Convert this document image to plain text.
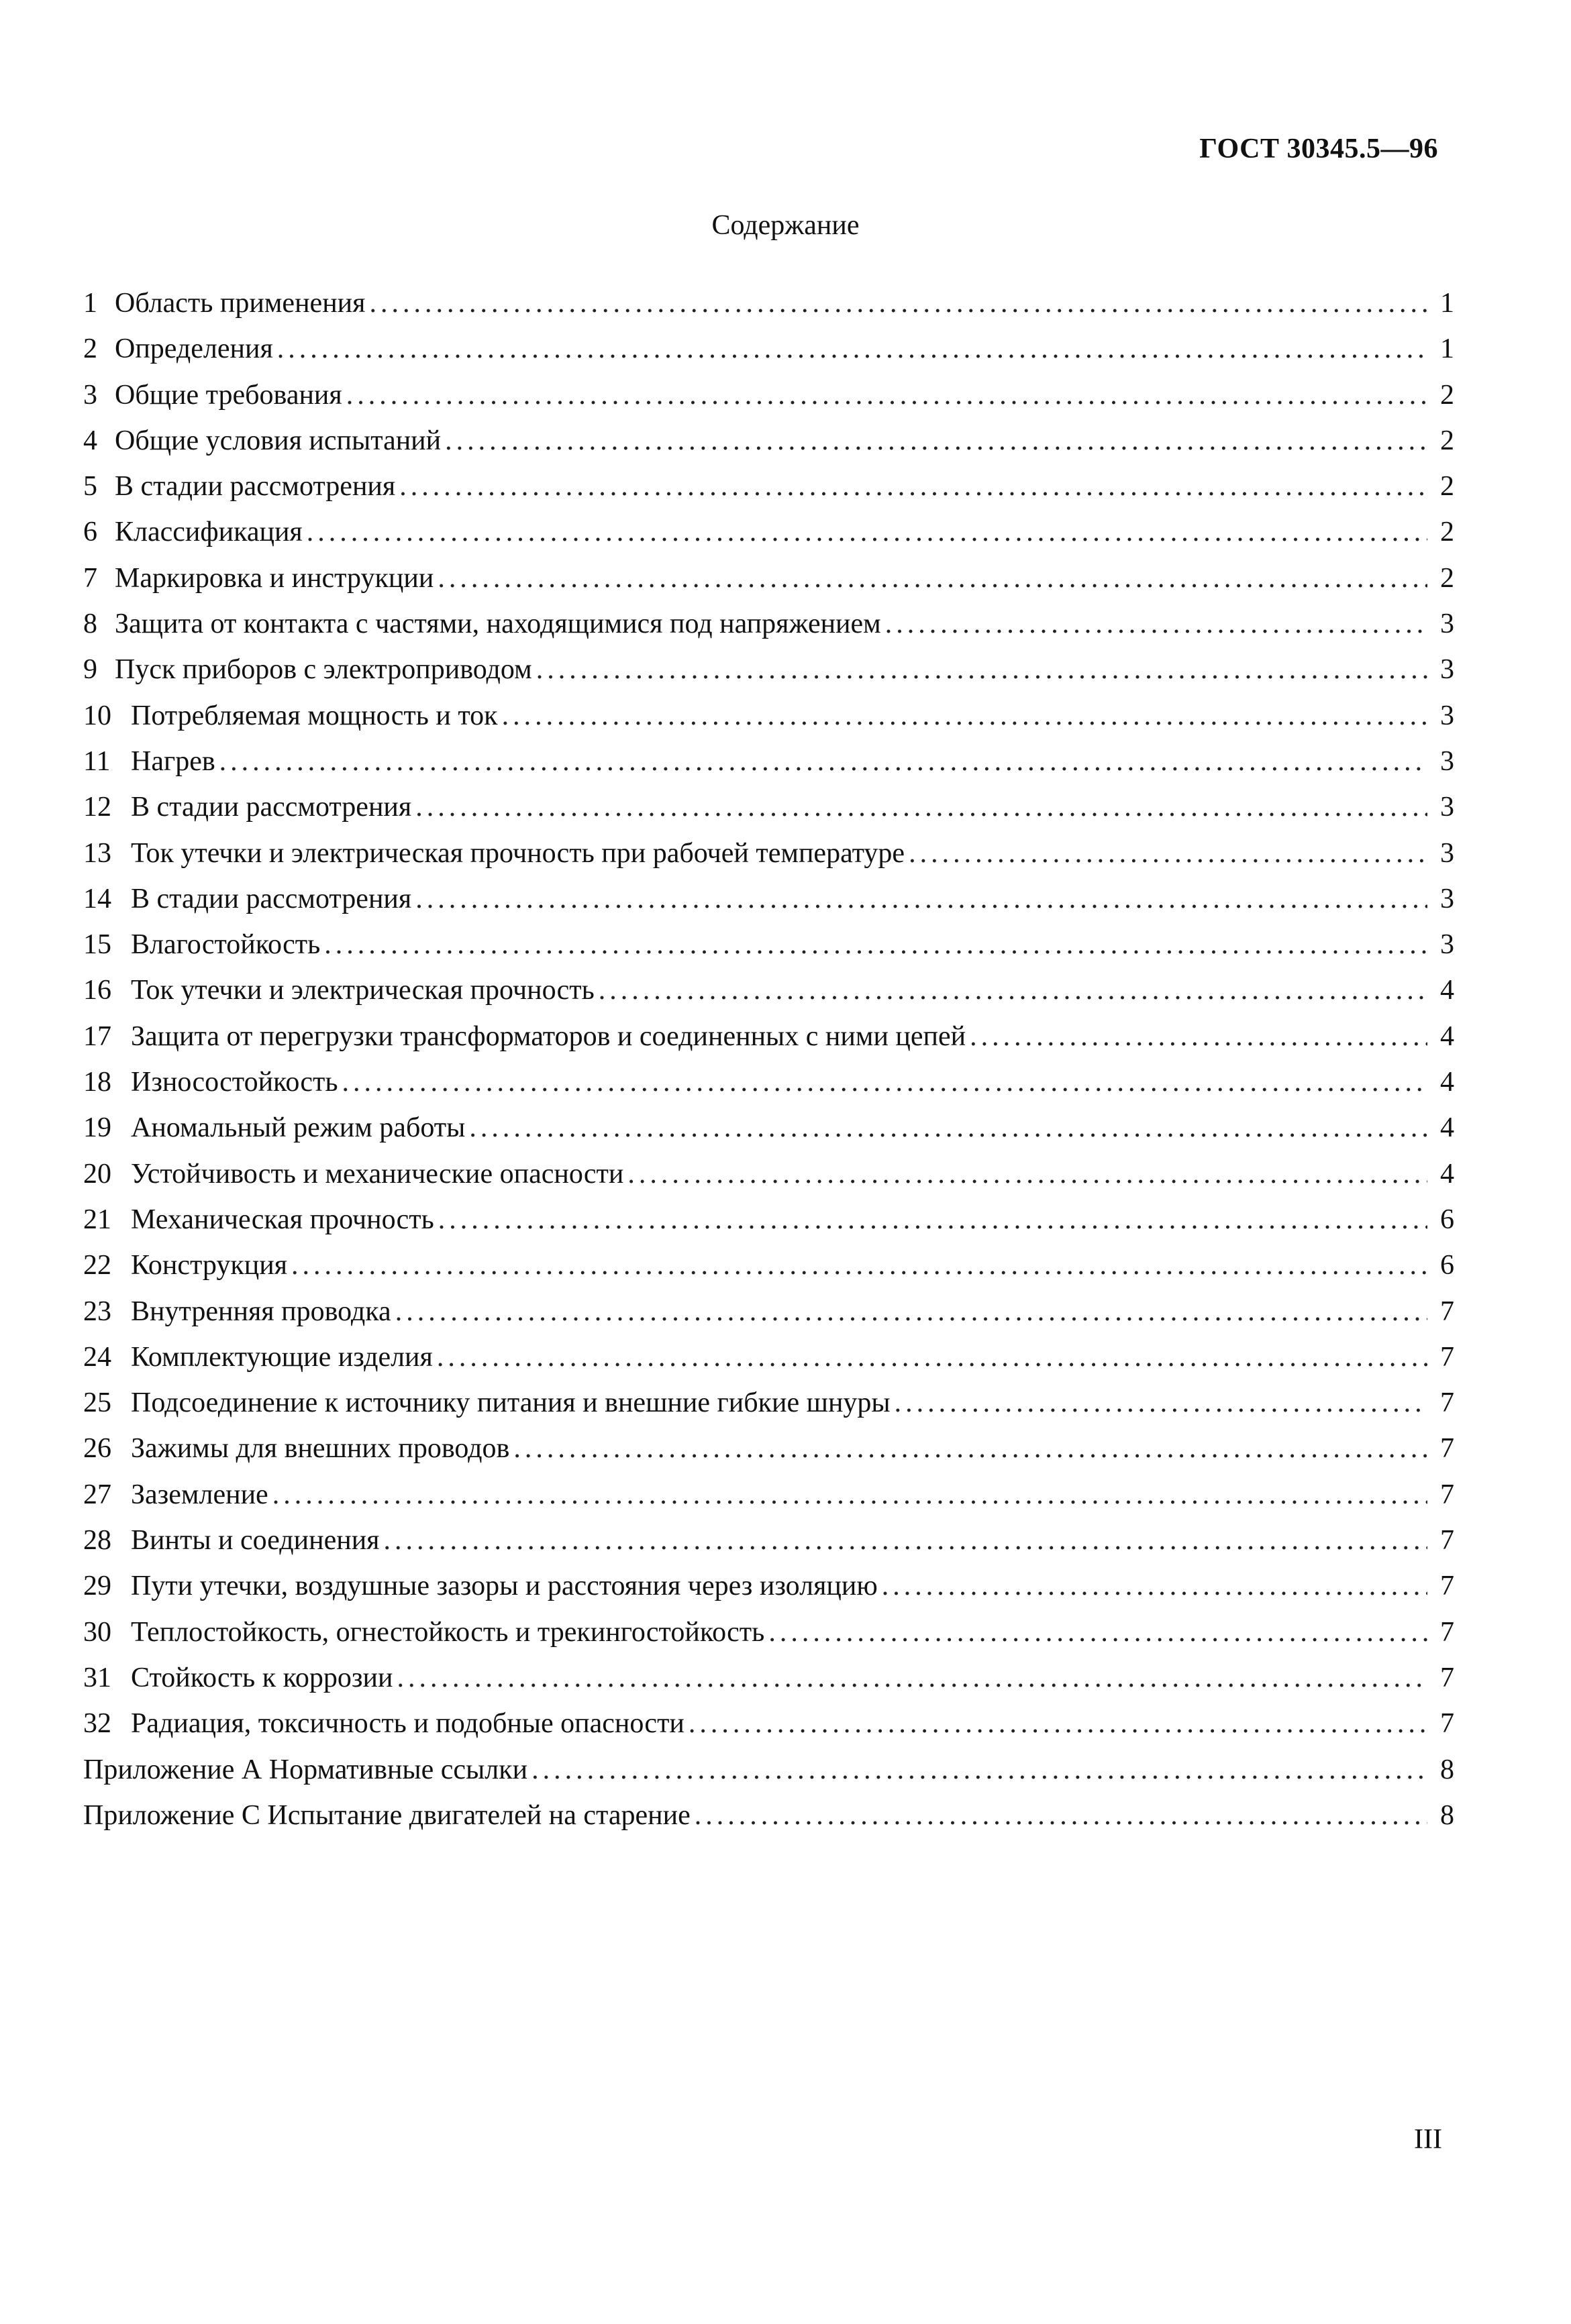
ГОСТ 30345.5—96
Содержание
1 Область применения .....	1
2 Определения .....	1
3 Общие требования .....	2
4 Общие условия испытаний .....	2
5 В стадии рассмотрения .....	2
6 Классификация .....	2
7 Маркировка и инструкции .....	2
8 Защита от контакта с частями, находящимися под напряжением .....	3
9 Пуск приборов с электроприводом .....	3
10 Потребляемая мощность и ток .....	3
11 Нагрев .....	3
12 В стадии рассмотрения .....	3
13 Ток утечки и электрическая прочность при рабочей температуре .....	3
14 В стадии рассмотрения .....	3
15 Влагостойкость .....	3
16 Ток утечки и электрическая прочность .....	4
17 Защита от перегрузки трансформаторов и соединенных с ними цепей .....	4
18 Износостойкость .....	4
19 Аномальный режим работы .....	4
20 Устойчивость и механические опасности .....	4
21 Механическая прочность .....	6
22 Конструкция .....	6
23 Внутренняя проводка .....	7
24 Комплектующие изделия .....	7
25 Подсоединение к источнику питания и внешние гибкие шнуры .....	7
26 Зажимы для внешних проводов .....	7
27 Заземление .....	7
28 Винты и соединения .....	7
29 Пути утечки, воздушные зазоры и расстояния через изоляцию .....	7
30 Теплостойкость, огнестойкость и трекингостойкость .....	7
31 Стойкость к коррозии .....	7
32 Радиация, токсичность и подобные опасности .....	7
Приложение А Нормативные ссылки .....	8
Приложение С Испытание двигателей на старение .....	8
III
